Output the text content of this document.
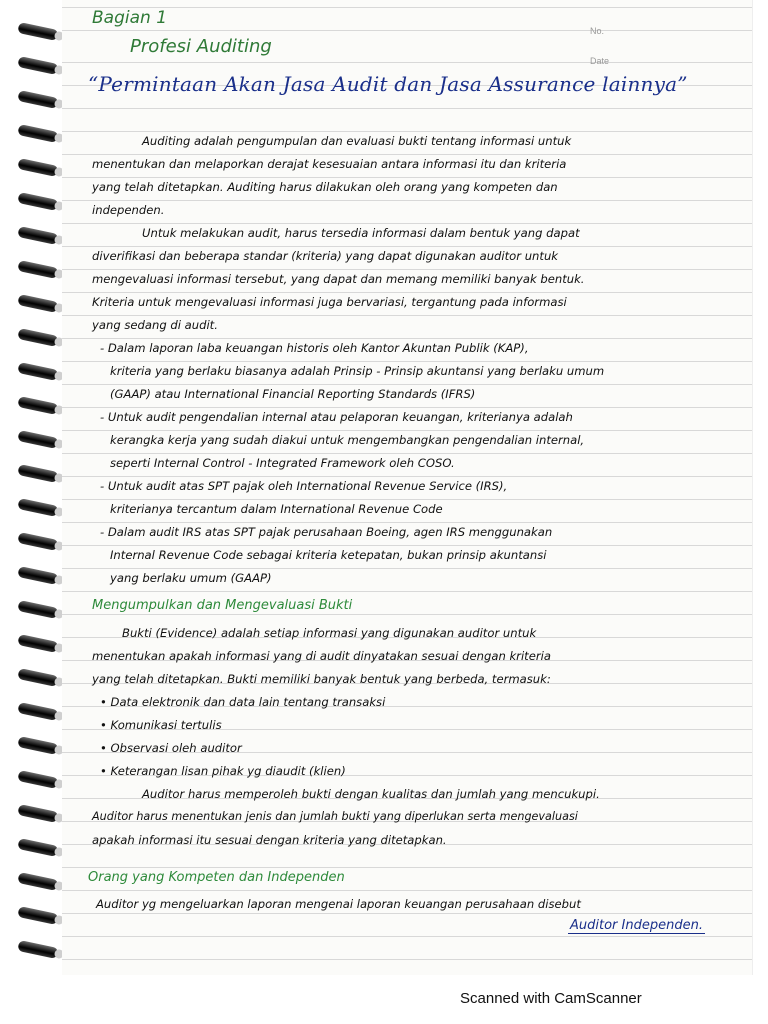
Bagian 1
Profesi Auditing
No.
Date
“Permintaan Akan Jasa Audit dan Jasa Assurance lainnya”
Auditing adalah pengumpulan dan evaluasi bukti tentang informasi untuk
menentukan dan melaporkan derajat kesesuaian antara informasi itu dan kriteria
yang telah ditetapkan. Auditing harus dilakukan oleh orang yang kompeten dan
independen.
Untuk melakukan audit, harus tersedia informasi dalam bentuk yang dapat
diverifikasi dan beberapa standar (kriteria) yang dapat digunakan auditor untuk
mengevaluasi informasi tersebut, yang dapat dan memang memiliki banyak bentuk.
Kriteria untuk mengevaluasi informasi juga bervariasi, tergantung pada informasi
yang sedang di audit.
- Dalam laporan laba keuangan historis oleh Kantor Akuntan Publik (KAP),
kriteria yang berlaku biasanya adalah Prinsip - Prinsip akuntansi yang berlaku umum
(GAAP) atau International Financial Reporting Standards (IFRS)
- Untuk audit pengendalian internal atau pelaporan keuangan, kriterianya adalah
kerangka kerja yang sudah diakui untuk mengembangkan pengendalian internal,
seperti Internal Control - Integrated Framework oleh COSO.
- Untuk audit atas SPT pajak oleh International Revenue Service (IRS),
kriterianya tercantum dalam International Revenue Code
- Dalam audit IRS atas SPT pajak perusahaan Boeing, agen IRS menggunakan
Internal Revenue Code sebagai kriteria ketepatan, bukan prinsip akuntansi
yang berlaku umum (GAAP)
Mengumpulkan dan Mengevaluasi Bukti
Bukti (Evidence) adalah setiap informasi yang digunakan auditor untuk
menentukan apakah informasi yang di audit dinyatakan sesuai dengan kriteria
yang telah ditetapkan. Bukti memiliki banyak bentuk yang berbeda, termasuk:
• Data elektronik dan data lain tentang transaksi
• Komunikasi tertulis
• Observasi oleh auditor
• Keterangan lisan pihak yg diaudit (klien)
Auditor harus memperoleh bukti dengan kualitas dan jumlah yang mencukupi.
Auditor harus menentukan jenis dan jumlah bukti yang diperlukan serta mengevaluasi
apakah informasi itu sesuai dengan kriteria yang ditetapkan.
Orang yang Kompeten dan Independen
Auditor yg mengeluarkan laporan mengenai laporan keuangan perusahaan disebut
Auditor Independen.
Scanned with CamScanner
